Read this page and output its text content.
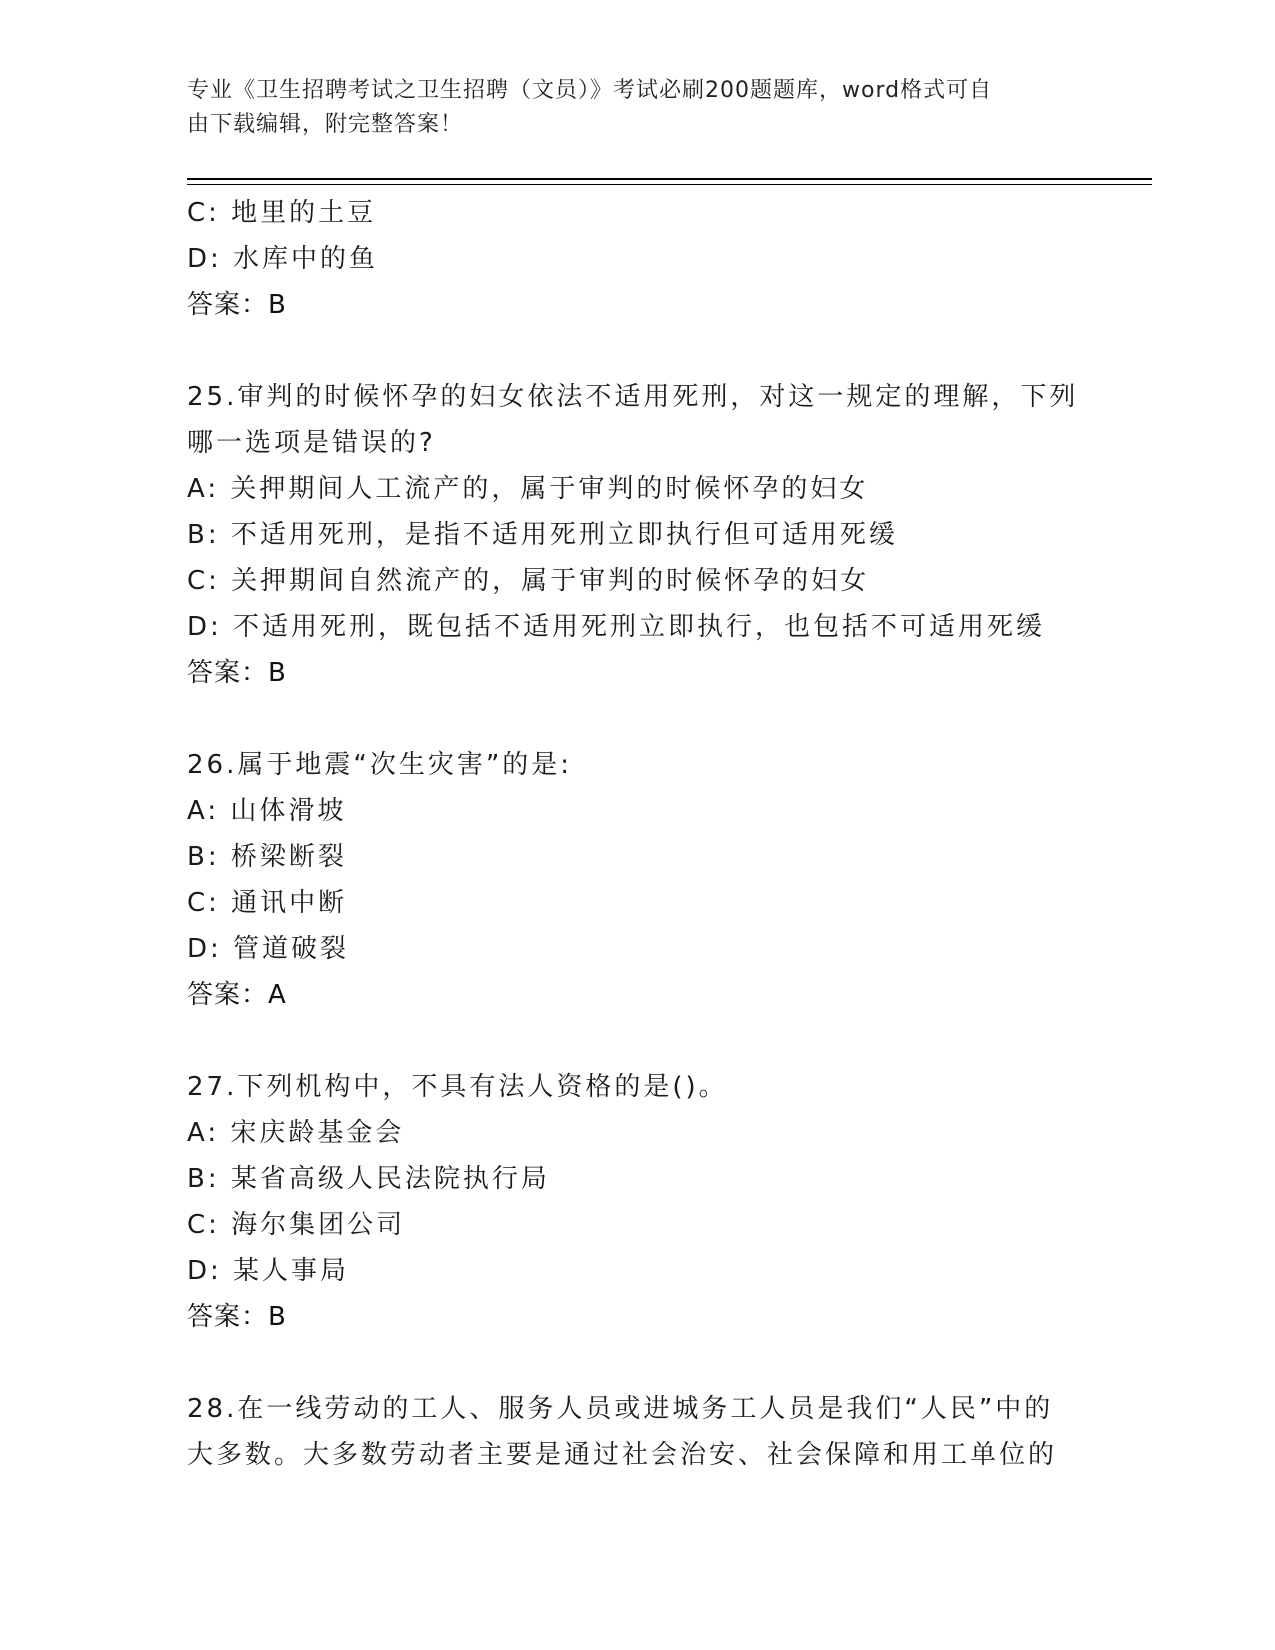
专业《卫生招聘考试之卫生招聘（文员）》考试必刷200题题库，word格式可自
由下载编辑，附完整答案！
C: 地里的土豆
D: 水库中的鱼
答案：B
25.审判的时候怀孕的妇女依法不适用死刑，对这一规定的理解，下列
哪一选项是错误的?
A: 关押期间人工流产的，属于审判的时候怀孕的妇女
B: 不适用死刑，是指不适用死刑立即执行但可适用死缓
C: 关押期间自然流产的，属于审判的时候怀孕的妇女
D: 不适用死刑，既包括不适用死刑立即执行，也包括不可适用死缓
答案：B
26.属于地震“次生灾害”的是:
A: 山体滑坡
B: 桥梁断裂
C: 通讯中断
D: 管道破裂
答案：A
27.下列机构中，不具有法人资格的是()。
A: 宋庆龄基金会
B: 某省高级人民法院执行局
C: 海尔集团公司
D: 某人事局
答案：B
28.在一线劳动的工人、服务人员或进城务工人员是我们“人民”中的
大多数。大多数劳动者主要是通过社会治安、社会保障和用工单位的
